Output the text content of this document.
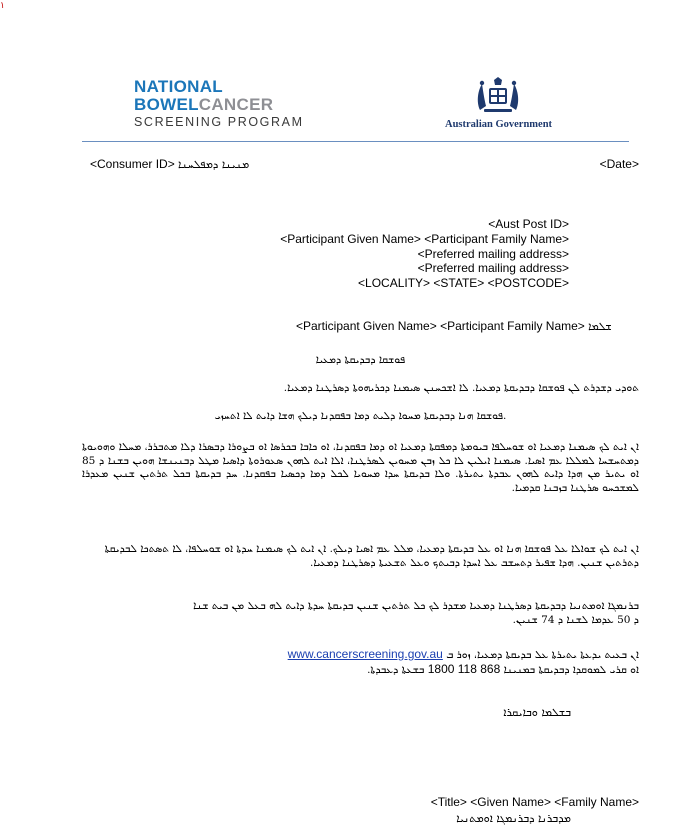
١
NATIONAL
BOWELCANCER
SCREENING PROGRAM	Australian Government
<Consumer ID> ܡܢܝܢܐ ܕܡܦܠܚܢܐ	<Date>
<Aust Post ID>
<Participant Given Name> <Participant Family Name>
<Preferred mailing address>
<Preferred mailing address>
<LOCALITY> <STATE> <POSTCODE>
<Participant Given Name> <Participant Family Name> ܫܠܡܐ
ܦܘܫܩܐ ܕܒܕܝܩܬܐ ܕܡܥܝܐ
ܬܘܕܝ ܕܫܕܪܬ ܠܢ ܦܘܫܩܐ ܕܒܕܝܩܬܐ ܕܡܥܝܐ. ܠܐ ܐܫܟܚܢܢ ܣܝܡܢܐ ܕܟܪܝܗܘܬܐ ܕܣܪܛܢܐ ܕܡܥܝܐ.
ܦܘܫܩܐ ܗܢܐ ܕܒܕܝܩܬܐ ܡܚܘܐ ܕܠܝܬ ܕܡܐ ܒܦܩܕܢܐ ܕܝܠܟ ܗܫܐ ܕܐܝܬ ܠܐ ܐܬܚܙܝ.
ܐܢ ܐܝܬ ܠܟ ܣܝܡܢܐ ܕܡܥܝܐ ܐܘ ܫܘܚܠܦܐ ܒܝܘܡܬܐ ܕܡܦܩܬܐ ܕܡܥܝܐ ܐܘ ܕܡܐ ܒܦܩܕܢܐ، ܐܘ ܟܐܒܐ ܒܟܪܣܐ ܐܘ ܒܨܘܪܐ ܕܒܣܪܐ ܕܠܐ ܡܬܒܪܪ، ܡܚܠܐ ܘܗܘܝܘܬܐ ܕܡܬܚܫܚܐ ܠܡܠܠܐ ܥܡ ܐܣܝܐ. ܣܝܡܢܐ ܐܝܠܝܢ ܠܐ ܟܠ ܙܒܢ ܡܚܘܝܢ ܠܣܪܛܢܐ، ܐܠܐ ܐܝܬ ܠܗܘܢ ܣܥܘܪܘܬܐ ܕܐܣܝܐ ܡܛܠ ܕܒܢܝܢܫܐ ܗܘܝܢ ܒܫܢܐ ܕ 85 ܐܘ ܝܬܝܪ ܡܢ ܗܕܐ ܕܐܝܬ ܠܗܘܢ ܥܒܕܬܐ ܝܬܝܪܬܐ. ܘܠܐ ܒܕܝܩܬܐ ܚܕܐ ܡܚܘܝܐ ܠܟܠ ܕܡܐ ܕܟܣܝܐ ܒܦܩܕܢܐ. ܚܕ ܒܕܝܩܬܐ ܒܟܠ ܬܪܬܝܢ ܫܢܝܢ ܡܥܕܪܐ ܠܡܫܟܚܘ ܣܪܛܢܐ ܒܙܒܢܐ ܩܕܡܝܐ.
ܐܢ ܐܝܬ ܠܟ ܫܘܐܠܐ ܥܠ ܦܘܫܩܐ ܗܢܐ ܐܘ ܥܠ ܒܕܝܩܬܐ ܕܡܥܝܐ، ܡܠܠ ܥܡ ܐܣܝܐ ܕܝܠܟ. ܐܢ ܐܝܬ ܠܟ ܣܝܡܢܐ ܚܕܬܐ ܐܘ ܫܘܚܠܦܐ، ܠܐ ܬܣܬܟܐ ܠܒܕܝܩܬܐ ܕܬܪܬܝܢ ܫܢܝܢ. ܗܕܐ ܫܦܝܪ ܕܬܚܫܒ ܥܠ ܐܚܕܐ ܕܒܝܬܟ ܘܥܠ ܬܫܥܝܬܐ ܕܣܪܛܢܐ ܕܡܥܝܐ.
ܒܪܢܡܓܐ ܐܘܡܬܢܝܐ ܕܒܕܝܩܬܐ ܕܣܪܛܢܐ ܕܡܥܝܐ ܡܫܕܪ ܠܟ ܟܠ ܬܪܬܝܢ ܫܢܝܢ ܒܕܝܩܬܐ ܚܕܬܐ ܕܐܝܬ ܠܗ ܒܥܠ ܡܢ ܒܝܬ ܫܢܐ
ܕ 50 ܥܕܡܐ ܠܫܢܐ ܕ 74 ܫܢܝܢ.
ܐܢ ܒܥܝܬ ܝܕܥܬܐ ܝܬܝܪܬܐ ܥܠ ܒܕܝܩܬܐ ܕܡܥܝܐ، ܙܘܪ ܒ www.cancerscreening.gov.au
ܐܘ ܩܪܝ ܠܡܘܩܕܐ ܕܒܕܝܩܬܐ ܒܡܢܝܢܐ 1800 118 868 ܒܫܥܬܐ ܕܥܒܕܬܐ.
ܒܫܠܡܐ ܘܒܐܝܩܪܐ
<Title> <Given Name> <Family Name>
ܡܕܒܪܢܐ ܕܒܪܢܡܓܐ ܐܘܡܬܢܝܐ
